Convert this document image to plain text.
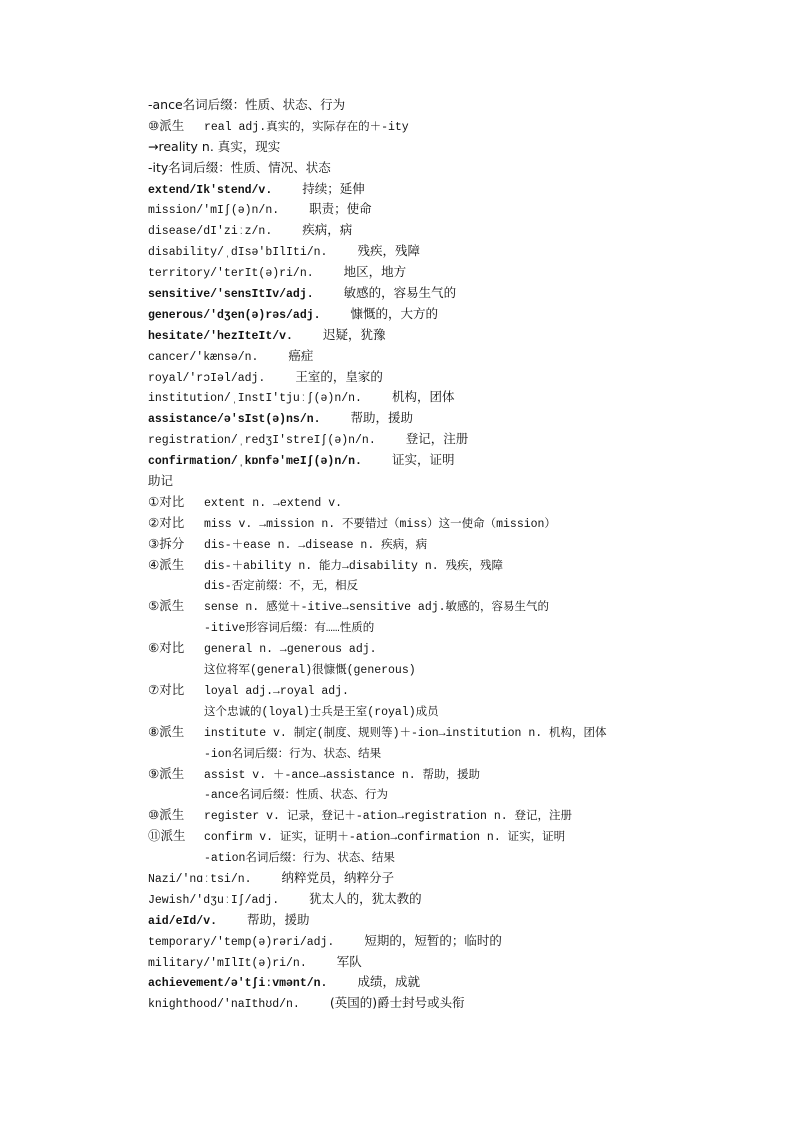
-ance名词后缀：性质、状态、行为
⑩派生 real adj.真实的，实际存在的＋-ity
→reality n. 真实，现实
-ity名词后缀：性质、情况、状态
extend/Ik'stend/v. 持续；延伸
mission/'mIʃ(ə)n/n. 职责；使命
disease/dI'ziːz/n. 疾病，病
disability/ˌdIsə'bIlIti/n. 残疾，残障
territory/'terIt(ə)ri/n. 地区，地方
sensitive/'sensItIv/adj. 敏感的，容易生气的
generous/'dʒen(ə)rəs/adj. 慷慨的，大方的
hesitate/'hezIteIt/v. 迟疑，犹豫
cancer/'kænsə/n. 癌症
royal/'rɔIəl/adj. 王室的，皇家的
institution/ˌInstI'tjuːʃ(ə)n/n. 机构，团体
assistance/ə'sIst(ə)ns/n. 帮助，援助
registration/ˌredʒI'streIʃ(ə)n/n. 登记，注册
confirmation/ˌkɒnfə'meIʃ(ə)n/n. 证实，证明
助记
①对比 extent n. →extend v.
②对比 miss v. →mission n. 不要错过（miss）这一使命（mission）
③拆分 dis-＋ease n. →disease n. 疾病，病
④派生 dis-＋ability n. 能力→disability n. 残疾，残障
dis-否定前缀：不，无，相反
⑤派生 sense n. 感觉＋-itive→sensitive adj.敏感的，容易生气的
-itive形容词后缀：有……性质的
⑥对比 general n. →generous adj.
这位将军(general)很慷慨(generous)
⑦对比 loyal adj.→royal adj.
这个忠诚的(loyal)士兵是王室(royal)成员
⑧派生 institute v. 制定(制度、规则等)＋-ion→institution n. 机构，团体
-ion名词后缀：行为、状态、结果
⑨派生 assist v. ＋-ance→assistance n. 帮助，援助
-ance名词后缀：性质、状态、行为
⑩派生 register v. 记录，登记＋-ation→registration n. 登记，注册
⑪派生 confirm v. 证实，证明＋-ation→confirmation n. 证实，证明
-ation名词后缀：行为、状态、结果
Nazi/'nɑːtsi/n. 纳粹党员，纳粹分子
Jewish/'dʒuːIʃ/adj. 犹太人的，犹太教的
aid/eId/v. 帮助，援助
temporary/'temp(ə)rəri/adj. 短期的，短暂的；临时的
military/'mIlIt(ə)ri/n. 军队
achievement/ə'tʃiːvmənt/n. 成绩，成就
knighthood/'naIthʊd/n. (英国的)爵士封号或头衔
